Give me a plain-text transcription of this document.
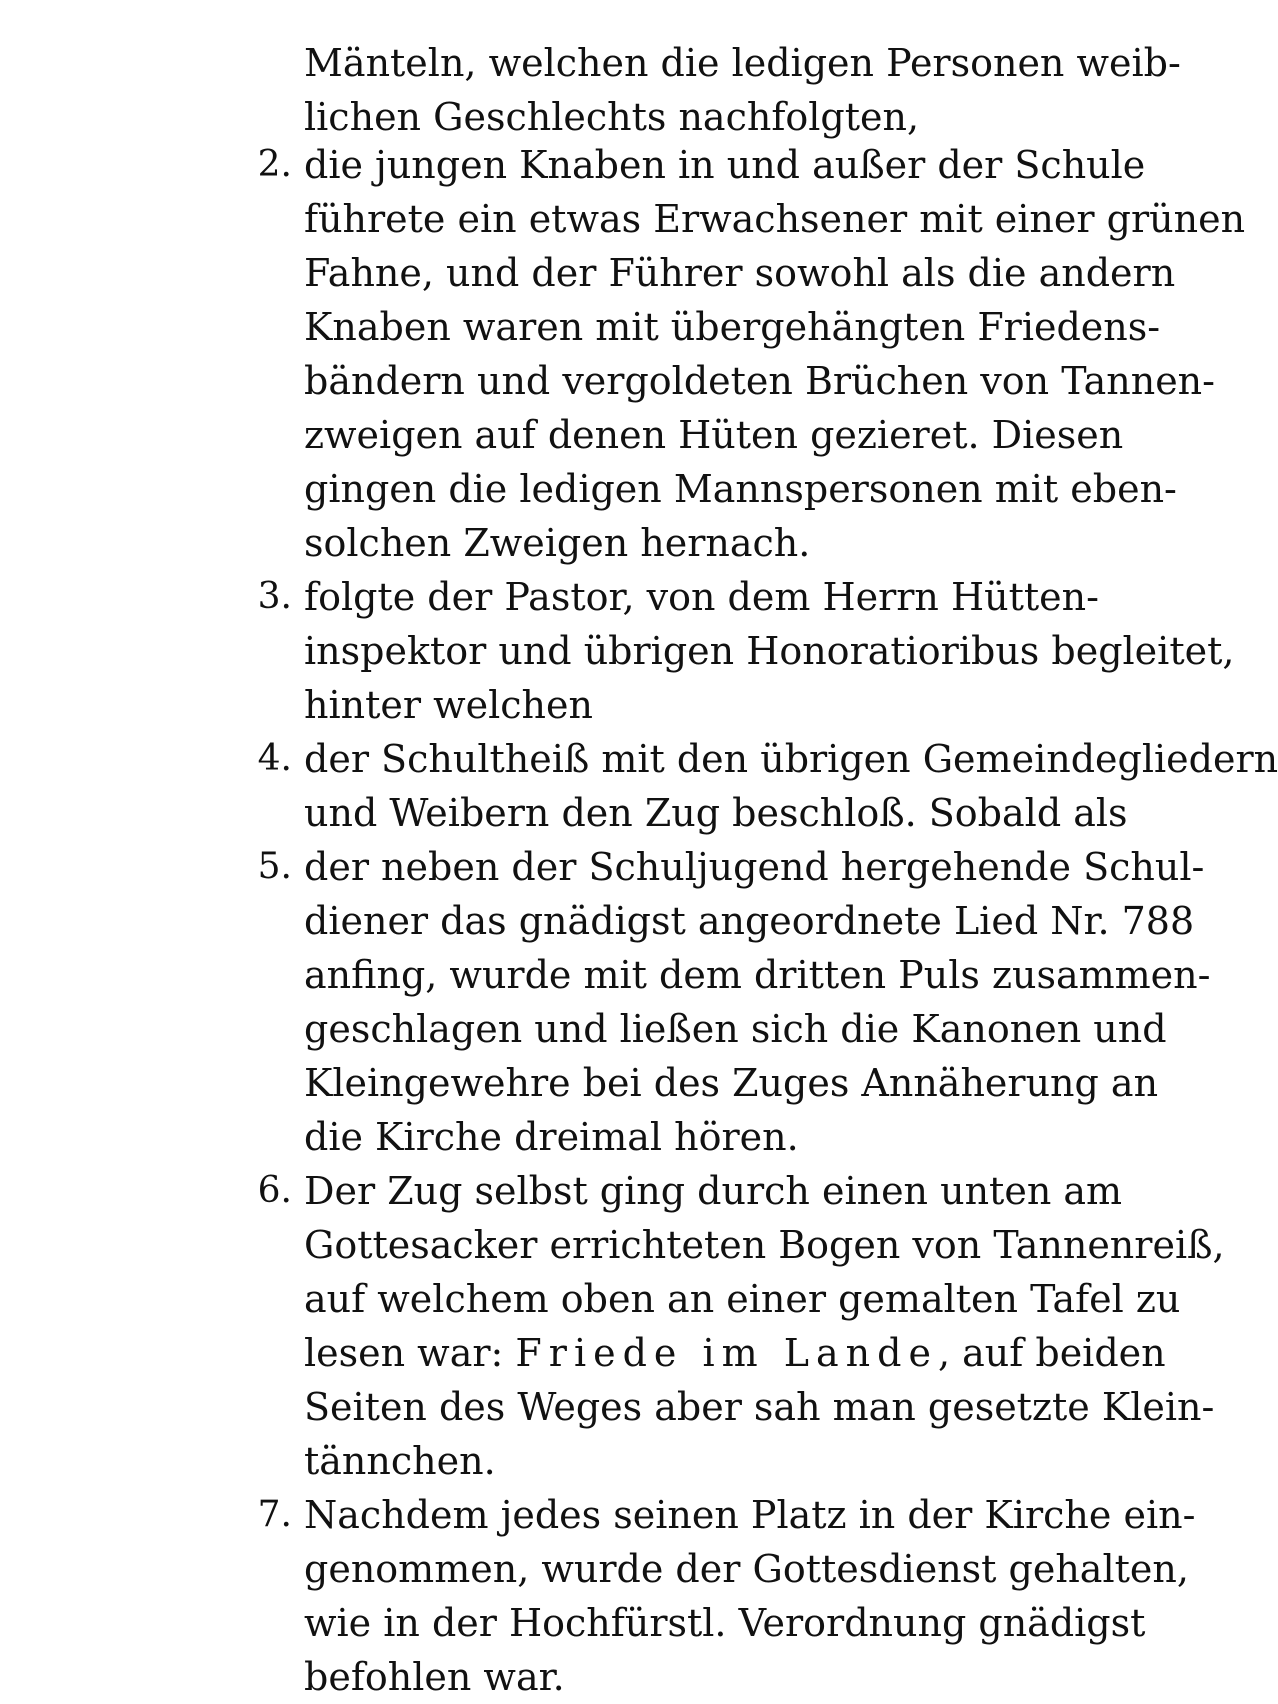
Mänteln, welchen die ledigen Personen weib-
lichen Geschlechts nachfolgten,
2. die jungen Knaben in und außer der Schule
führete ein etwas Erwachsener mit einer grünen
Fahne, und der Führer sowohl als die andern
Knaben waren mit übergehängten Friedens-
bändern und vergoldeten Brüchen von Tannen-
zweigen auf denen Hüten gezieret. Diesen
gingen die ledigen Mannspersonen mit eben-
solchen Zweigen hernach.
3. folgte der Pastor, von dem Herrn Hütten-
inspektor und übrigen Honoratioribus begleitet,
hinter welchen
4. der Schultheiß mit den übrigen Gemeindegliedern
und Weibern den Zug beschloß. Sobald als
5. der neben der Schuljugend hergehende Schul-
diener das gnädigst angeordnete Lied Nr. 788
anfing, wurde mit dem dritten Puls zusammen-
geschlagen und ließen sich die Kanonen und
Kleingewehre bei des Zuges Annäherung an
die Kirche dreimal hören.
6. Der Zug selbst ging durch einen unten am
Gottesacker errichteten Bogen von Tannenreiß,
auf welchem oben an einer gemalten Tafel zu
lesen war: Friede im Lande, auf beiden
Seiten des Weges aber sah man gesetzte Klein-
tännchen.
7. Nachdem jedes seinen Platz in der Kirche ein-
genommen, wurde der Gottesdienst gehalten,
wie in der Hochfürstl. Verordnung gnädigst
befohlen war.
